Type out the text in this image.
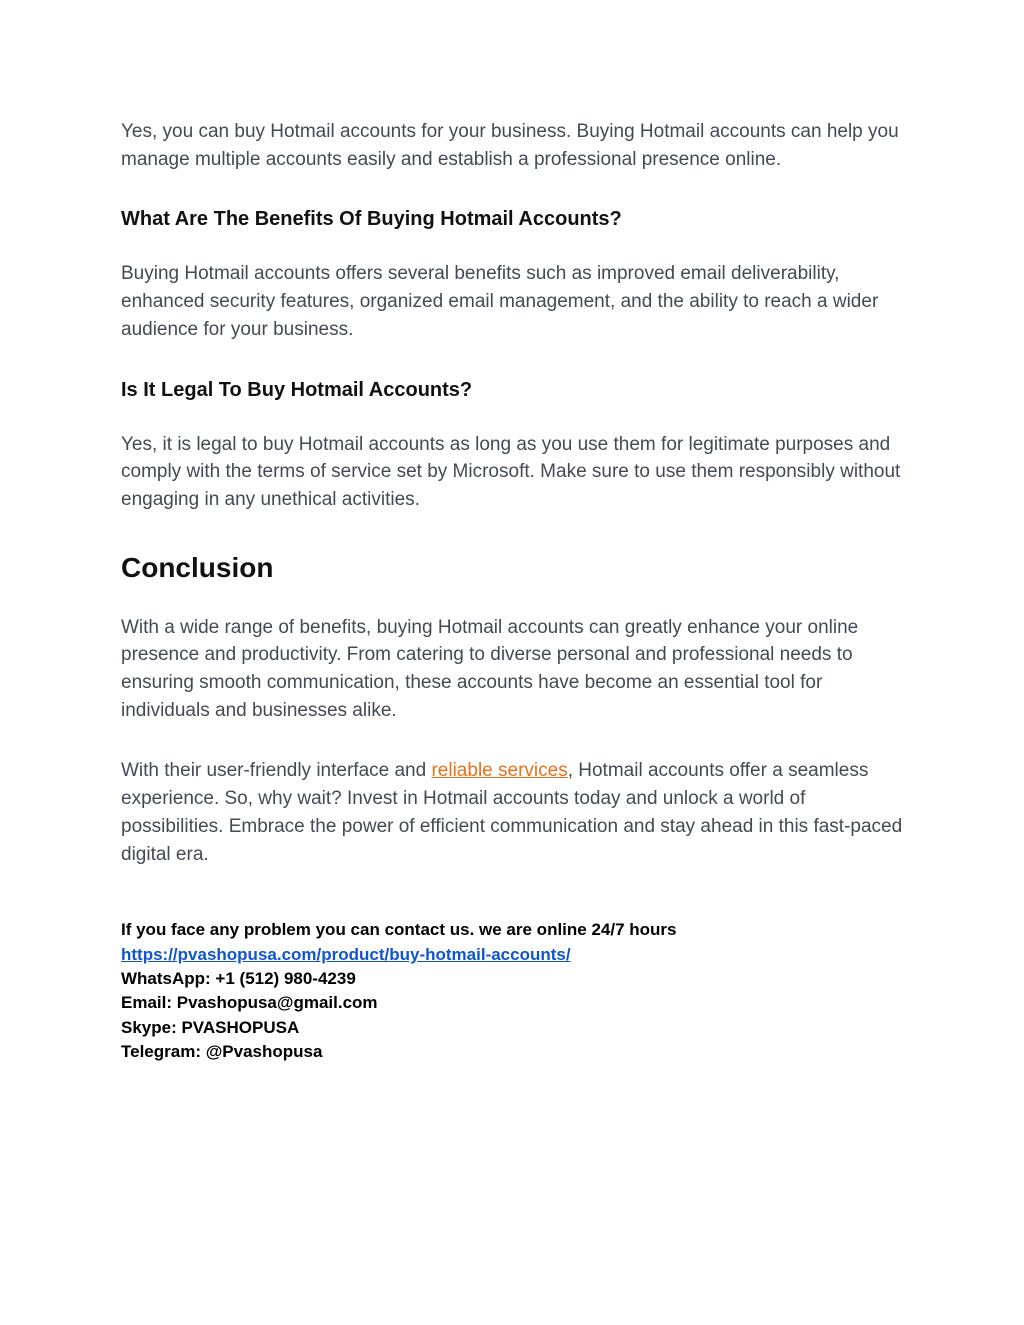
Yes, you can buy Hotmail accounts for your business. Buying Hotmail accounts can help you manage multiple accounts easily and establish a professional presence online.

What Are The Benefits Of Buying Hotmail Accounts?

Buying Hotmail accounts offers several benefits such as improved email deliverability, enhanced security features, organized email management, and the ability to reach a wider audience for your business.

Is It Legal To Buy Hotmail Accounts?

Yes, it is legal to buy Hotmail accounts as long as you use them for legitimate purposes and comply with the terms of service set by Microsoft. Make sure to use them responsibly without engaging in any unethical activities.

Conclusion

With a wide range of benefits, buying Hotmail accounts can greatly enhance your online presence and productivity. From catering to diverse personal and professional needs to ensuring smooth communication, these accounts have become an essential tool for individuals and businesses alike.

With their user-friendly interface and reliable services, Hotmail accounts offer a seamless experience. So, why wait? Invest in Hotmail accounts today and unlock a world of possibilities. Embrace the power of efficient communication and stay ahead in this fast-paced digital era.

If you face any problem you can contact us. we are online 24/7 hours

https://pvashopusa.com/product/buy-hotmail-accounts/

WhatsApp: +1 (512) 980-4239

Email: Pvashopusa@gmail.com

Skype: PVASHOPUSA

Telegram: @Pvashopusa
